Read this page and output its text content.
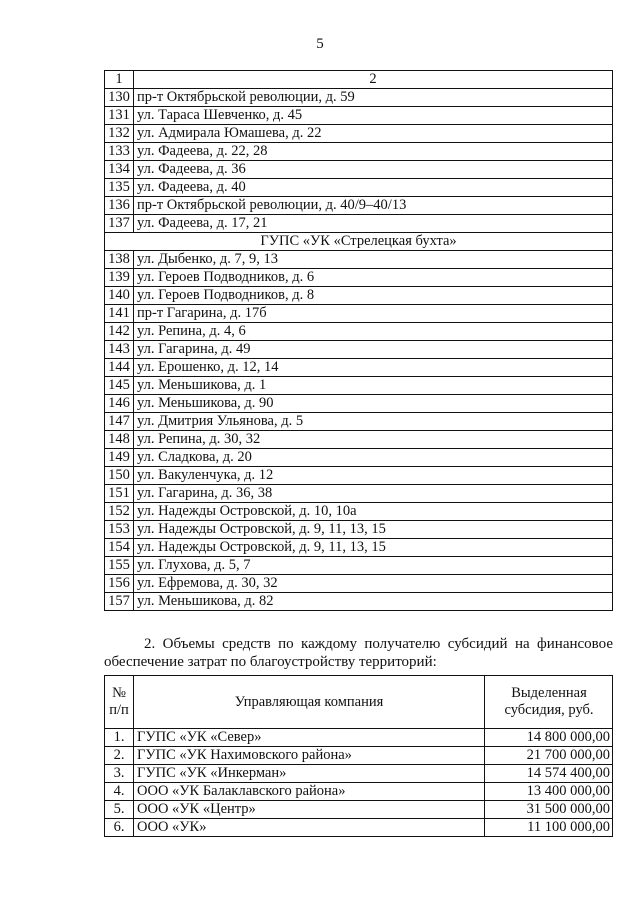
5
1	2
130	пр-т Октябрьской революции, д. 59
131	ул. Тараса Шевченко, д. 45
132	ул. Адмирала Юмашева, д. 22
133	ул. Фадеева, д. 22, 28
134	ул. Фадеева, д. 36
135	ул. Фадеева, д. 40
136	пр-т Октябрьской революции, д. 40/9–40/13
137	ул. Фадеева, д. 17, 21
ГУПС «УК «Стрелецкая бухта»	
138	ул. Дыбенко, д. 7, 9, 13
139	ул. Героев Подводников, д. 6
140	ул. Героев Подводников, д. 8
141	пр-т Гагарина, д. 17б
142	ул. Репина, д. 4, 6
143	ул. Гагарина, д. 49
144	ул. Ерошенко, д. 12, 14
145	ул. Меньшикова, д. 1
146	ул. Меньшикова, д. 90
147	ул. Дмитрия Ульянова, д. 5
148	ул. Репина, д. 30, 32
149	ул. Сладкова, д. 20
150	ул. Вакуленчука, д. 12
151	ул. Гагарина, д. 36, 38
152	ул. Надежды Островской, д. 10, 10а
153	ул. Надежды Островской, д. 9, 11, 13, 15
154	ул. Надежды Островской, д. 9, 11, 13, 15
155	ул. Глухова, д. 5, 7
156	ул. Ефремова, д. 30, 32
157	ул. Меньшикова, д. 82
2. Объемы средств по каждому получателю субсидий на финансовое
обеспечение затрат по благоустройству территорий:
№ п/п	Управляющая компания	Выделенная субсидия, руб.
1.	ГУПС «УК «Север»	14 800 000,00
2.	ГУПС «УК Нахимовского района»	21 700 000,00
3.	ГУПС «УК «Инкерман»	14 574 400,00
4.	ООО «УК Балаклавского района»	13 400 000,00
5.	ООО «УК «Центр»	31 500 000,00
6.	ООО «УК»	11 100 000,00
